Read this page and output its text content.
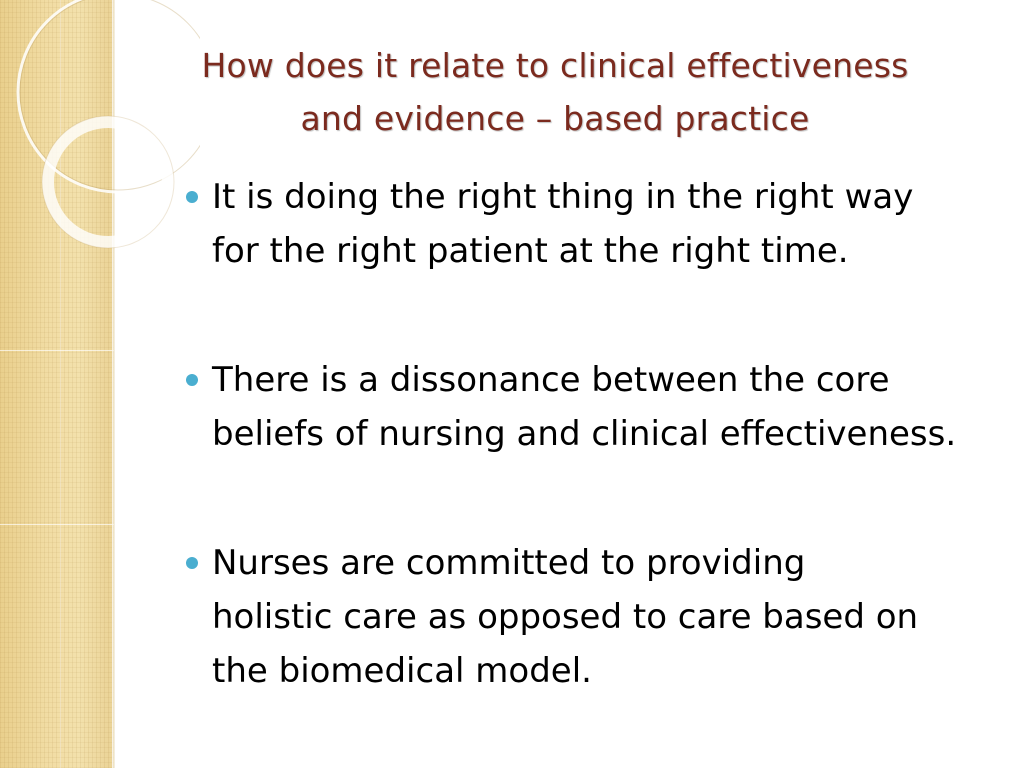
How does it relate to clinical effectiveness
and evidence – based practice
It is doing the right thing in the right way
for the right patient at the right time.
There is a dissonance between the core
beliefs of nursing and clinical effectiveness.
Nurses are committed to providing
holistic care as opposed to care based on
the biomedical model.
